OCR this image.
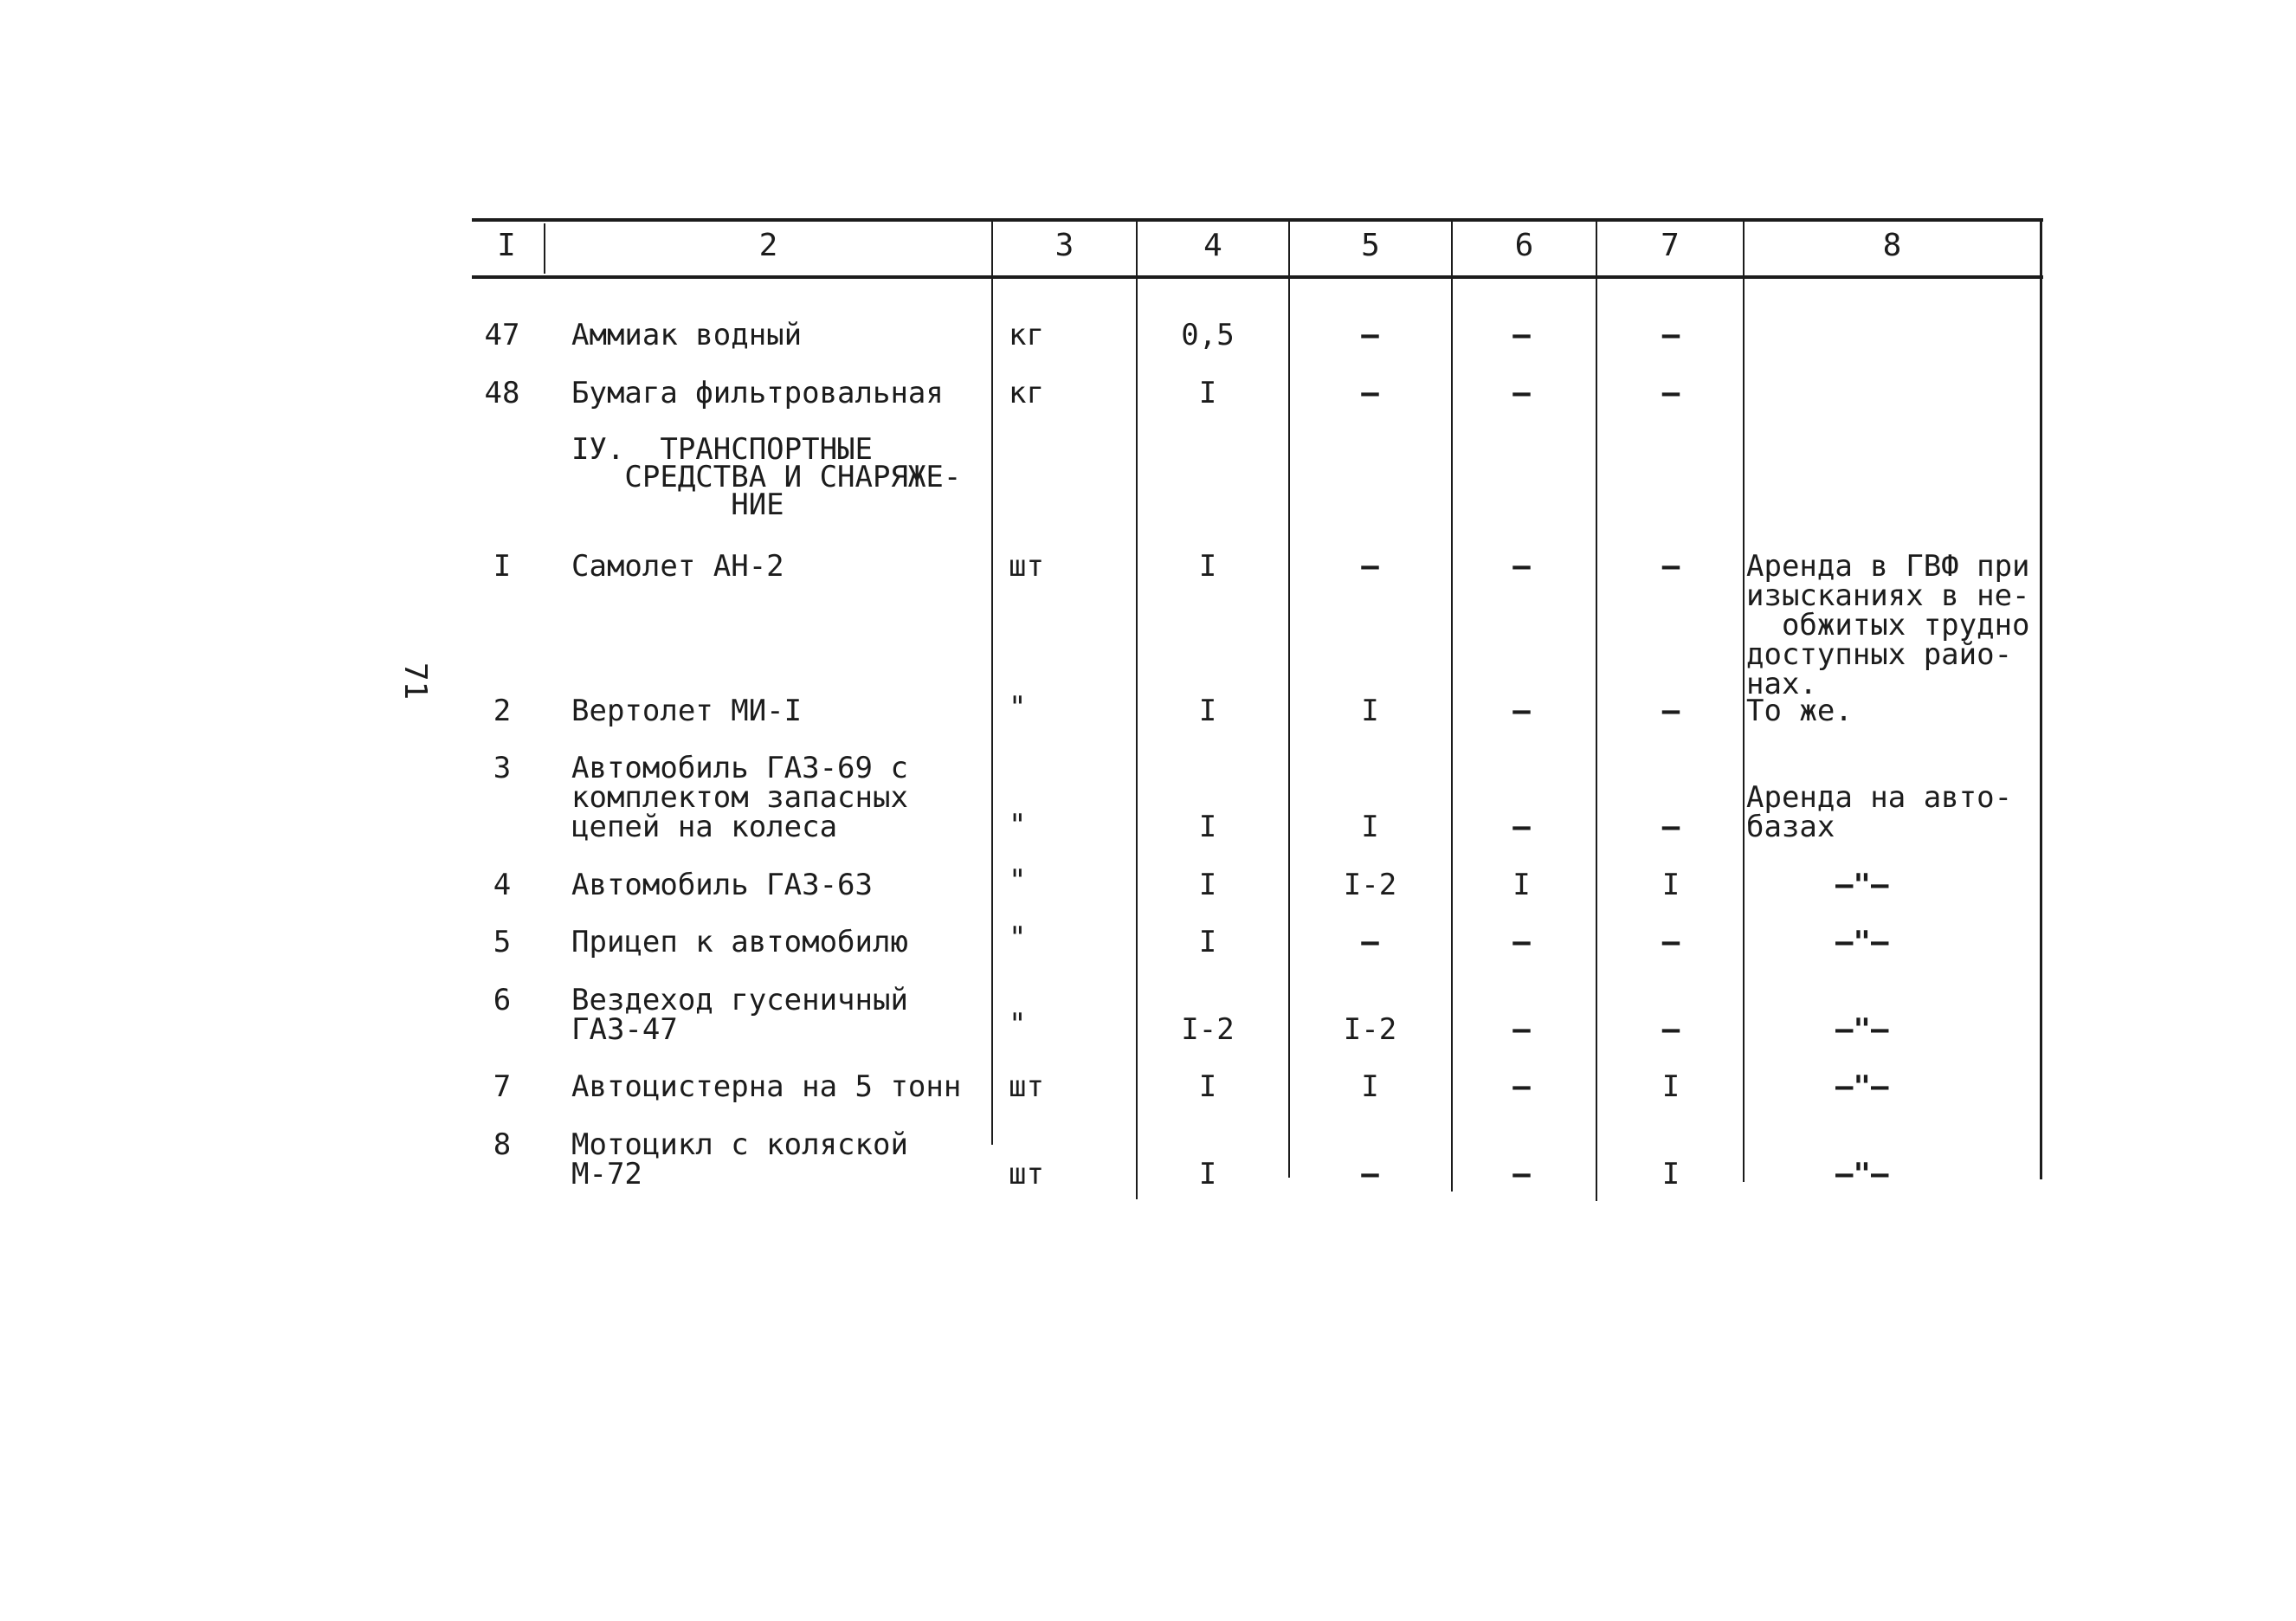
71
I	2	3	4	5	6	7	8
47	Аммиак водный	кг	0,5	–	–	–
48	Бумага фильтровальная	кг	I	–	–	–
IУ.  ТРАНСПОРТНЫЕ
СРЕДСТВА И СНАРЯЖЕ-
НИЕ
I	Самолет АН-2	шт	I	–	–	–	Аренда в ГВФ при
изысканиях в не-
обжитых трудно
доступных райо-
нах.
2	Вертолет МИ-I	"	I	I	–	–	То же.
3	Автомобиль ГАЗ-69 с
комплектом запасных
цепей на колеса	"	I	I	–	–
Аренда на авто-
базах
4	Автомобиль ГАЗ-63	"	I	I-2	I	I	–"–
5	Прицеп к автомобилю	"	I	–	–	–	–"–
6	Вездеход гусеничный
ГАЗ-47	"	I-2	I-2	–	–	–"–
7	Автоцистерна на 5 тонн	шт	I	I	–	I	–"–
8	Мотоцикл с коляской
М-72	шт	I	–	–	I	–"–
